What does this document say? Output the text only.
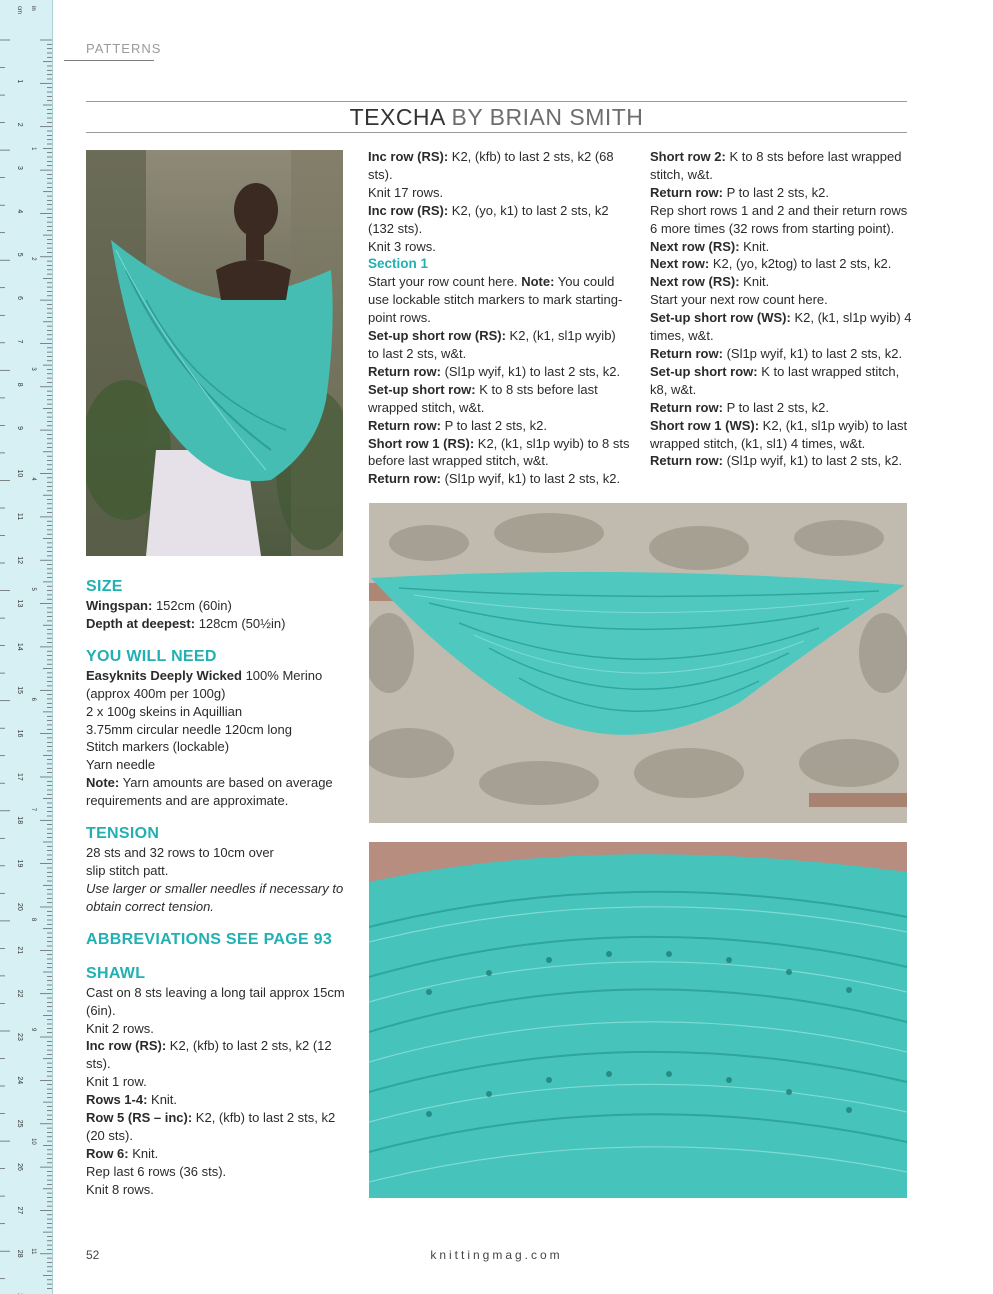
in
cm
1
2
3
4
5
6
7
8
9
10
11
12
13
14
15
16
17
18
19
20
21
22
23
24
25
26
27
28
1
2
3
4
5
6
7
8
9
10
11
PATTERNS
TEXCHA BY BRIAN SMITH

SIZE

Wingspan: 152cm (60in)

Depth at deepest: 128cm (50½in)

YOU WILL NEED

Easyknits Deeply Wicked 100% Merino (approx 400m per 100g)

2 x 100g skeins in Aquillian

3.75mm circular needle 120cm long

Stitch markers (lockable)

Yarn needle

Note: Yarn amounts are based on average requirements and are approximate.

TENSION

28 sts and 32 rows to 10cm over slip stitch patt.

Use larger or smaller needles if necessary to obtain correct tension.

ABBREVIATIONS SEE PAGE 93

SHAWL

Cast on 8 sts leaving a long tail approx 15cm (6in).

Knit 2 rows.

Inc row (RS): K2, (kfb) to last 2 sts, k2 (12 sts).

Knit 1 row.

Rows 1-4: Knit.

Row 5 (RS – inc): K2, (kfb) to last 2 sts, k2 (20 sts).

Row 6: Knit.

Rep last 6 rows (36 sts).

Knit 8 rows.

Inc row (RS): K2, (kfb) to last 2 sts, k2 (68 sts).

Knit 17 rows.

Inc row (RS): K2, (yo, k1) to last 2 sts, k2 (132 sts).

Knit 3 rows.

Section 1

Start your row count here. Note: You could use lockable stitch markers to mark starting-point rows.

Set-up short row (RS): K2, (k1, sl1p wyib) to last 2 sts, w&t.

Return row: (Sl1p wyif, k1) to last 2 sts, k2.

Set-up short row: K to 8 sts before last wrapped stitch, w&t.

Return row: P to last 2 sts, k2.

Short row 1 (RS): K2, (k1, sl1p wyib) to 8 sts before last wrapped stitch, w&t.

Return row: (Sl1p wyif, k1) to last 2 sts, k2.

Short row 2: K to 8 sts before last wrapped stitch, w&t.

Return row: P to last 2 sts, k2.

Rep short rows 1 and 2 and their return rows 6 more times (32 rows from starting point).

Next row (RS): Knit.

Next row: K2, (yo, k2tog) to last 2 sts, k2.

Next row (RS): Knit.

Start your next row count here.

Set-up short row (WS): K2, (k1, sl1p wyib) 4 times, w&t.

Return row: (Sl1p wyif, k1) to last 2 sts, k2.

Set-up short row: K to last wrapped stitch, k8, w&t.

Return row: P to last 2 sts, k2.

Short row 1 (WS): K2, (k1, sl1p wyib) to last wrapped stitch, (k1, sl1) 4 times, w&t.

Return row: (Sl1p wyif, k1) to last 2 sts, k2.

52	knittingmag.com
